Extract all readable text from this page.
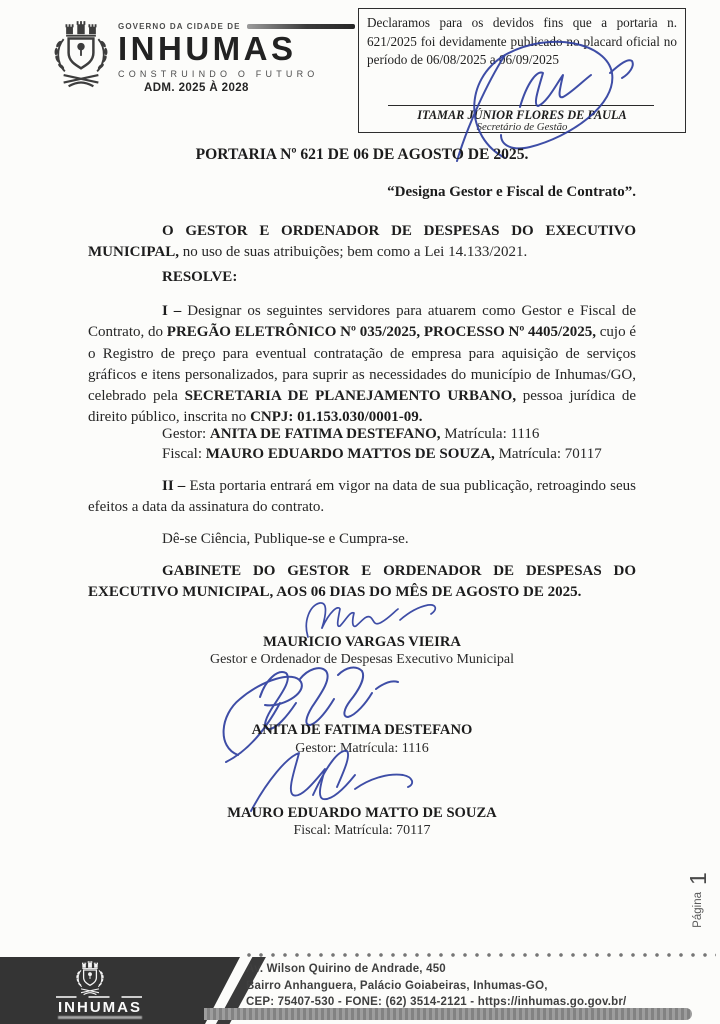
GOVERNO DA CIDADE DE
INHUMAS
CONSTRUINDO O FUTURO
ADM. 2025 À 2028
Declaramos para os devidos fins que a portaria n. 621/2025 foi devidamente publicado no placard oficial no período de 06/08/2025 a 06/09/2025
ITAMAR JÚNIOR FLORES DE PAULA
Secretário de Gestão
PORTARIA Nº 621 DE 06 DE AGOSTO DE 2025.
“Designa Gestor e Fiscal de Contrato”.
O GESTOR E ORDENADOR DE DESPESAS DO EXECUTIVO MUNICIPAL, no uso de suas atribuições; bem como a Lei 14.133/2021.
RESOLVE:
I – Designar os seguintes servidores para atuarem como Gestor e Fiscal de Contrato, do PREGÃO ELETRÔNICO Nº 035/2025, PROCESSO Nº 4405/2025, cujo é o Registro de preço para eventual contratação de empresa para aquisição de serviços gráficos e itens personalizados, para suprir as necessidades do município de Inhumas/GO, celebrado pela SECRETARIA DE PLANEJAMENTO URBANO, pessoa jurídica de direito público, inscrita no CNPJ: 01.153.030/0001-09.
Gestor: ANITA DE FATIMA DESTEFANO, Matrícula: 1116
Fiscal: MAURO EDUARDO MATTOS DE SOUZA, Matrícula: 70117
II – Esta portaria entrará em vigor na data de sua publicação, retroagindo seus efeitos a data da assinatura do contrato.
Dê-se Ciência, Publique-se e Cumpra-se.
GABINETE DO GESTOR E ORDENADOR DE DESPESAS DO EXECUTIVO MUNICIPAL, AOS 06 DIAS DO MÊS DE AGOSTO DE 2025.
MAURICIO VARGAS VIEIRA
Gestor e Ordenador de Despesas Executivo Municipal
ANITA DE FATIMA DESTEFANO
Gestor: Matrícula: 1116
MAURO EDUARDO MATTO DE SOUZA
Fiscal: Matrícula: 70117
Página
1
INHUMAS
Av. Wilson Quirino de Andrade, 450
Bairro Anhanguera, Palácio Goiabeiras, Inhumas-GO,
CEP: 75407-530 - FONE: (62) 3514-2121 - https://inhumas.go.gov.br/
